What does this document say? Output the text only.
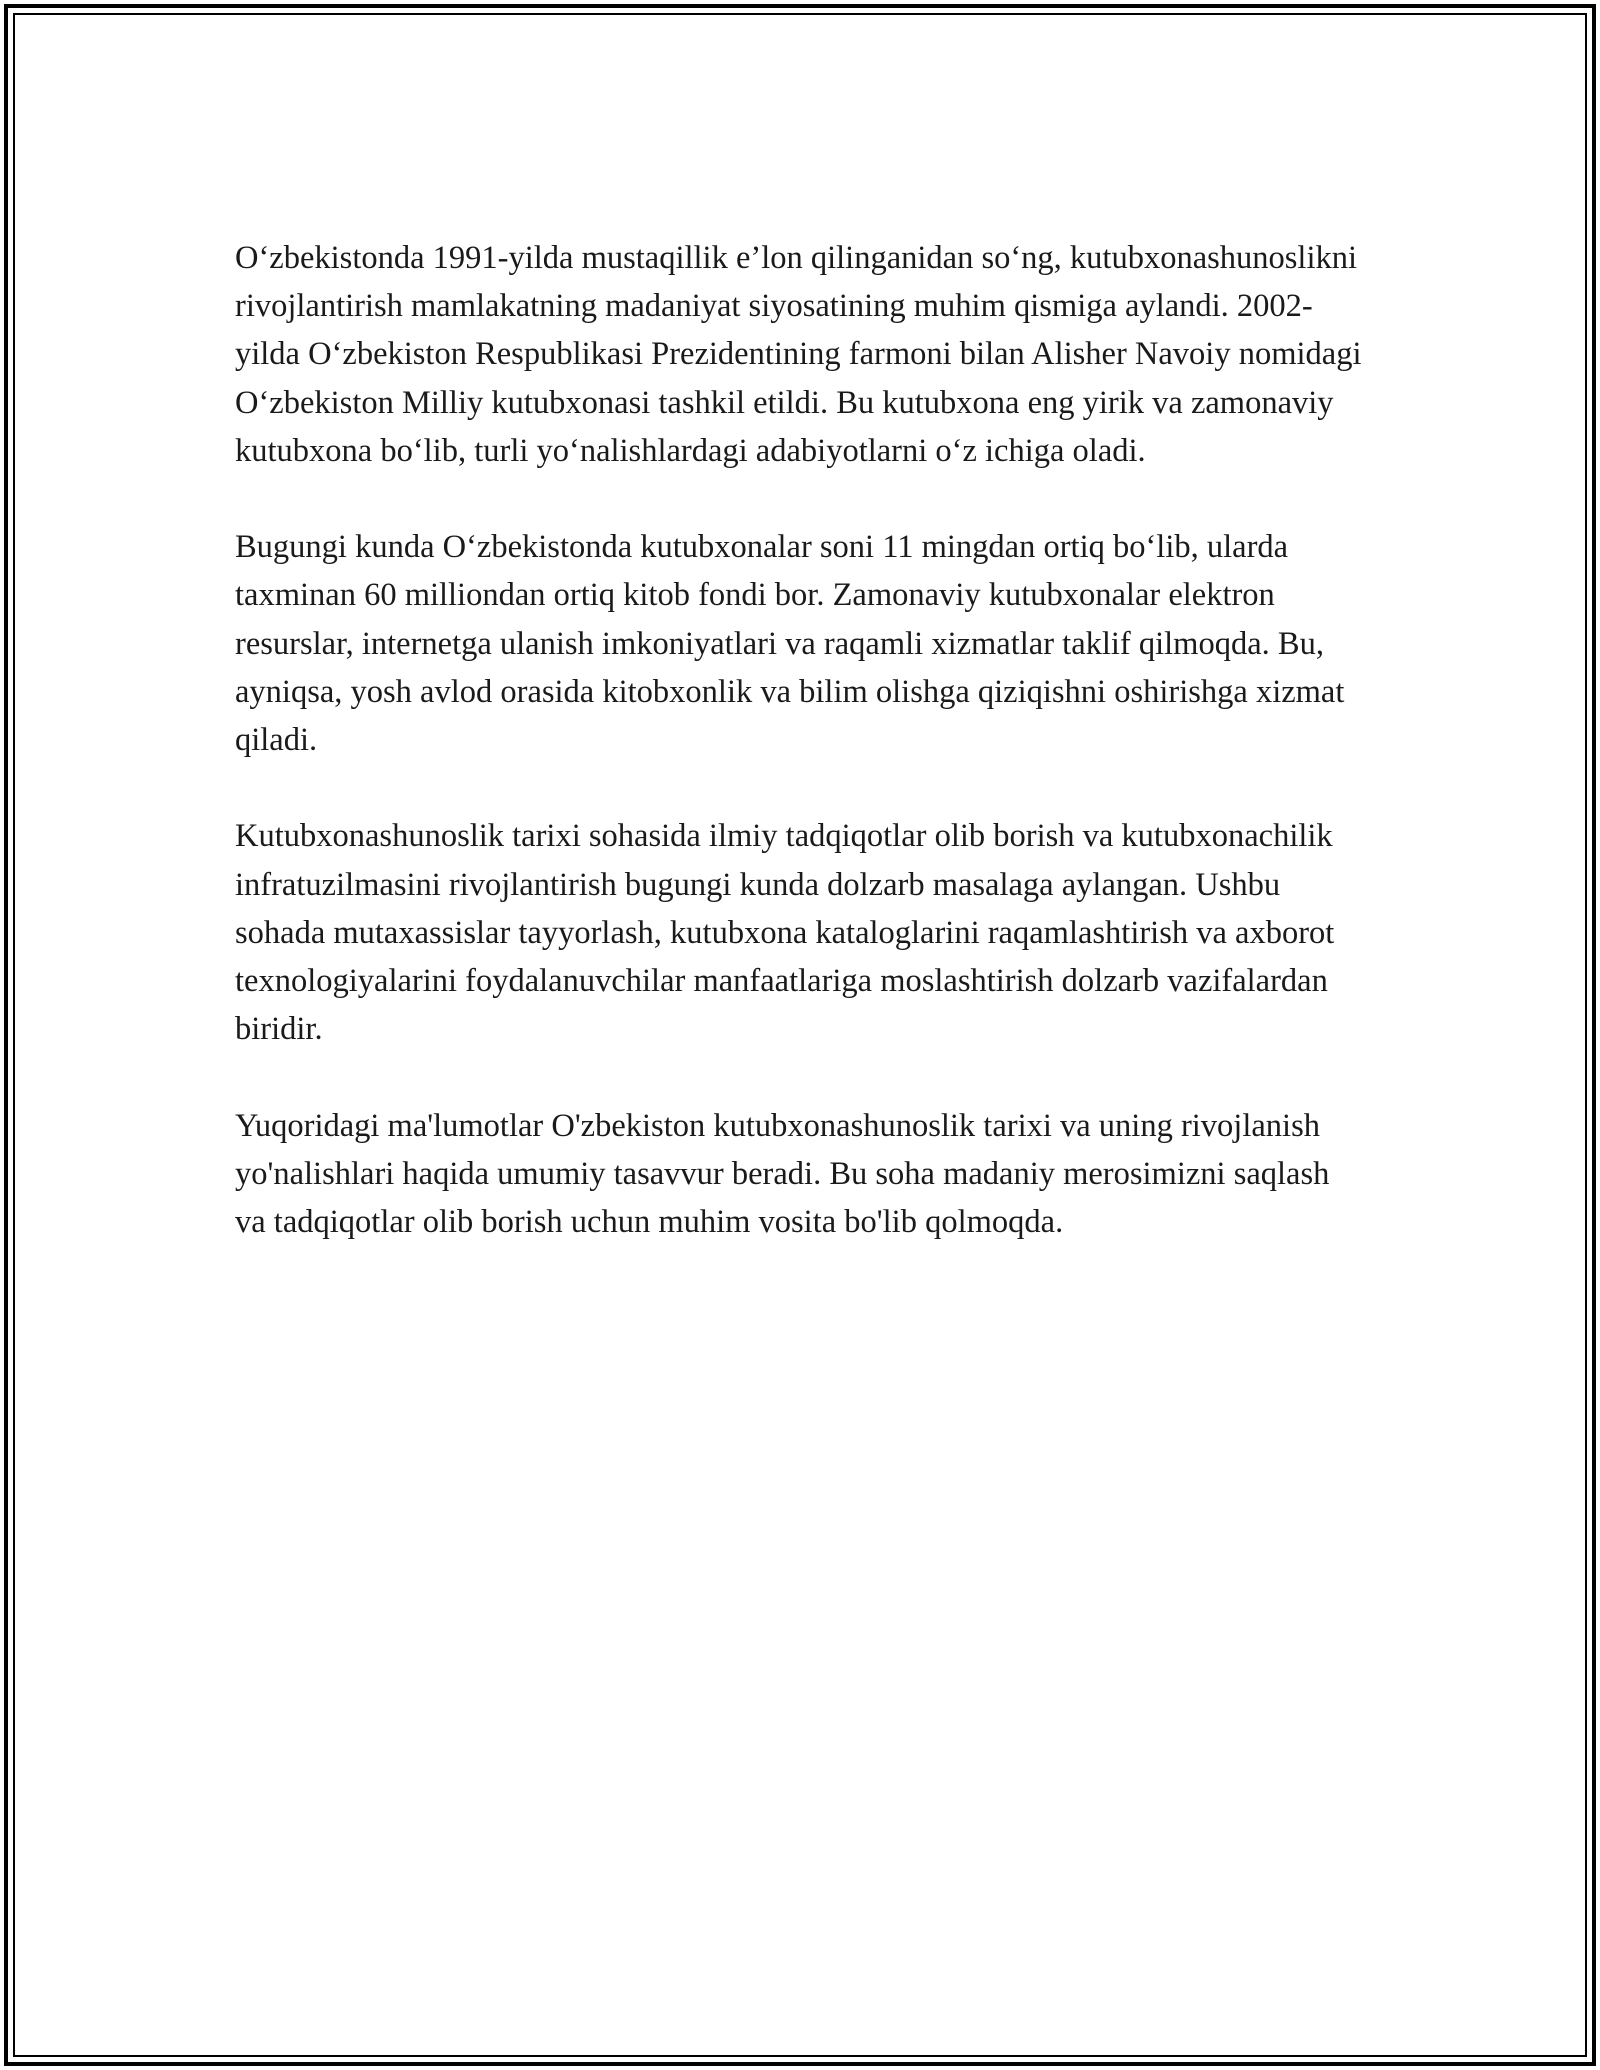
O‘zbekistonda 1991-yilda mustaqillik e’lon qilinganidan so‘ng, kutubxonashunoslikni rivojlantirish mamlakatning madaniyat siyosatining muhim qismiga aylandi. 2002-yilda O‘zbekiston Respublikasi Prezidentining farmoni bilan Alisher Navoiy nomidagi O‘zbekiston Milliy kutubxonasi tashkil etildi. Bu kutubxona eng yirik va zamonaviy kutubxona bo‘lib, turli yo‘nalishlardagi adabiyotlarni o‘z ichiga oladi.

Bugungi kunda O‘zbekistonda kutubxonalar soni 11 mingdan ortiq bo‘lib, ularda taxminan 60 milliondan ortiq kitob fondi bor. Zamonaviy kutubxonalar elektron resurslar, internetga ulanish imkoniyatlari va raqamli xizmatlar taklif qilmoqda. Bu, ayniqsa, yosh avlod orasida kitobxonlik va bilim olishga qiziqishni oshirishga xizmat qiladi.

Kutubxonashunoslik tarixi sohasida ilmiy tadqiqotlar olib borish va kutubxonachilik infratuzilmasini rivojlantirish bugungi kunda dolzarb masalaga aylangan. Ushbu sohada mutaxassislar tayyorlash, kutubxona kataloglarini raqamlashtirish va axborot texnologiyalarini foydalanuvchilar manfaatlariga moslashtirish dolzarb vazifalardan biridir.

Yuqoridagi ma'lumotlar O'zbekiston kutubxonashunoslik tarixi va uning rivojlanish yo'nalishlari haqida umumiy tasavvur beradi. Bu soha madaniy merosimizni saqlash va tadqiqotlar olib borish uchun muhim vosita bo'lib qolmoqda.
